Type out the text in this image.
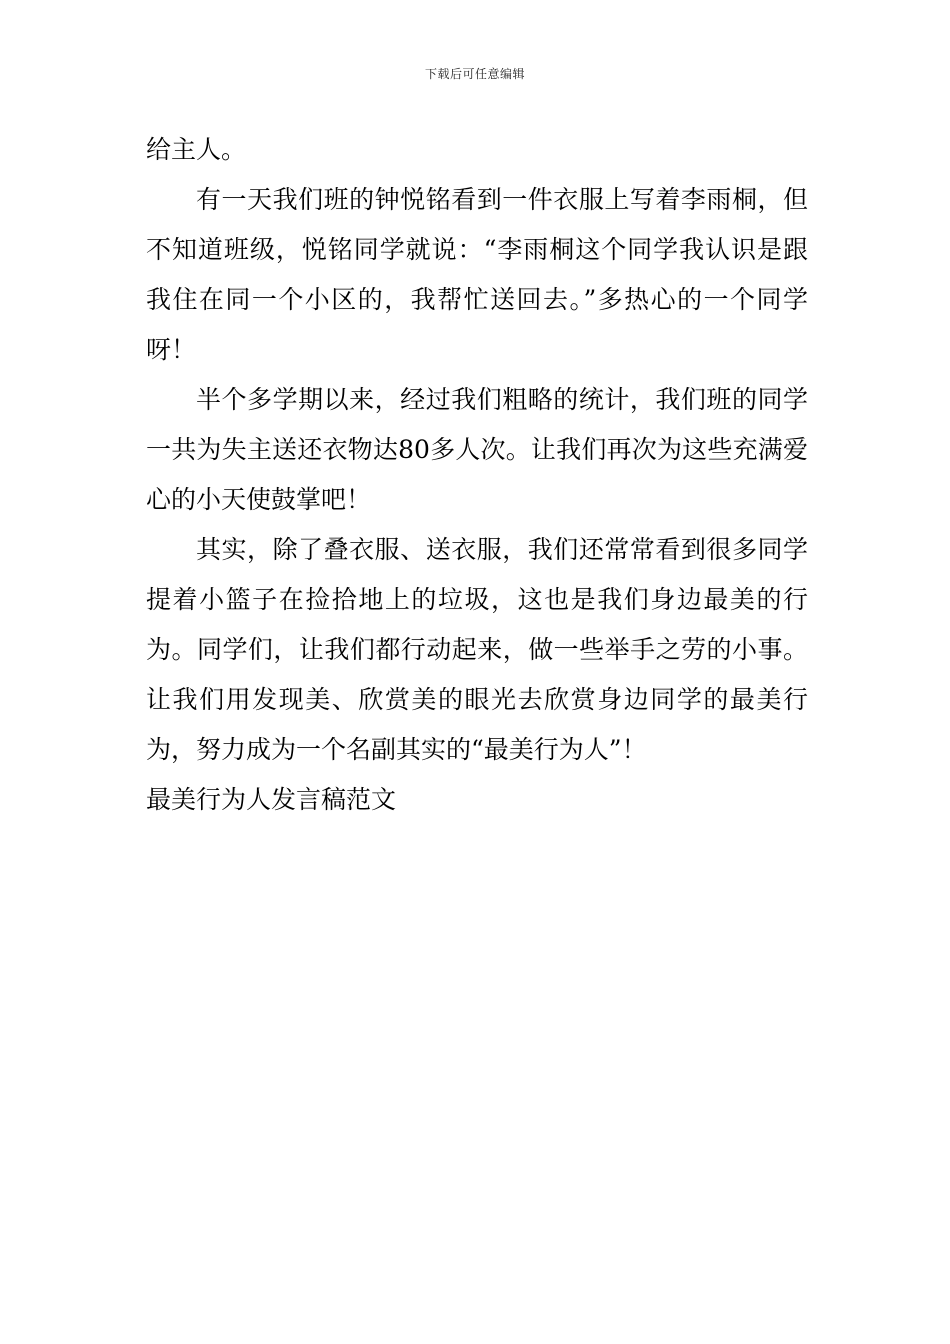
下载后可任意编辑

给主人。

有一天我们班的钟悦铭看到一件衣服上写着李雨桐，但不知道班级，悦铭同学就说：“李雨桐这个同学我认识是跟我住在同一个小区的，我帮忙送回去。”多热心的一个同学呀！

半个多学期以来，经过我们粗略的统计，我们班的同学一共为失主送还衣物达80多人次。让我们再次为这些充满爱心的小天使鼓掌吧！

其实，除了叠衣服、送衣服，我们还常常看到很多同学提着小篮子在捡拾地上的垃圾，这也是我们身边最美的行为。同学们，让我们都行动起来，做一些举手之劳的小事。让我们用发现美、欣赏美的眼光去欣赏身边同学的最美行为，努力成为一个名副其实的“最美行为人”！

最美行为人发言稿范文
